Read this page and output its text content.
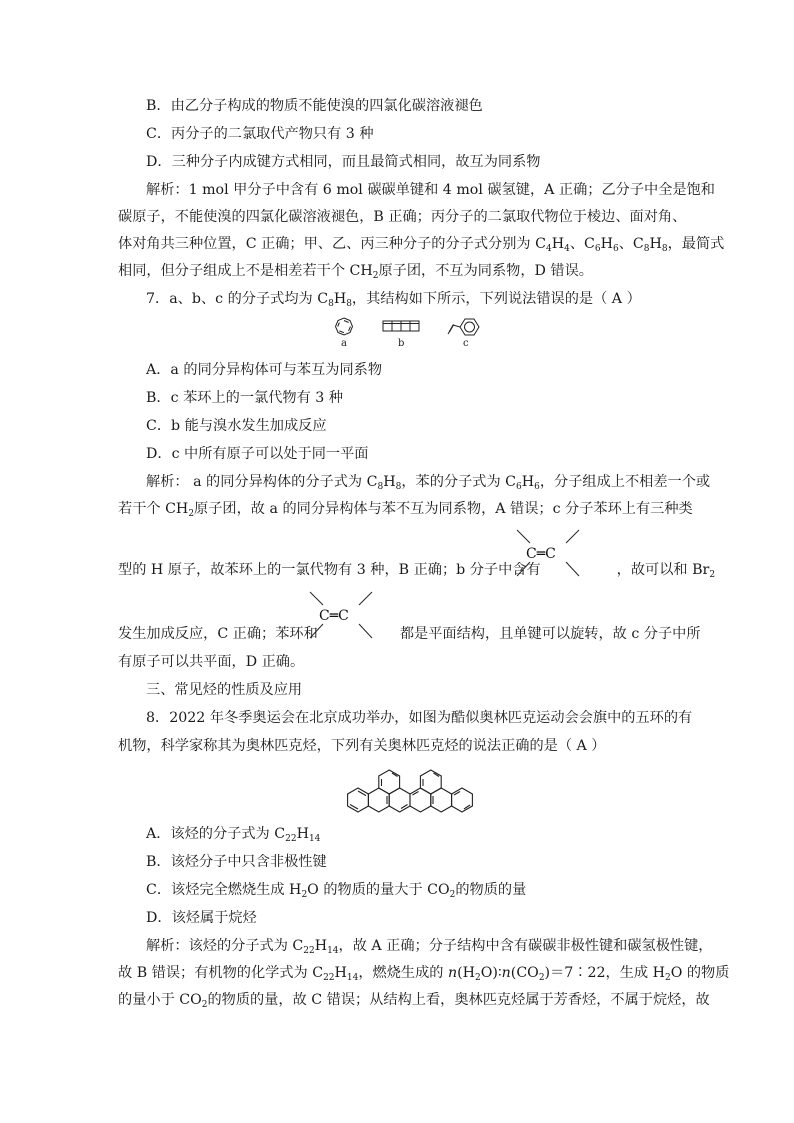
B．由乙分子构成的物质不能使溴的四氯化碳溶液褪色
C．丙分子的二氯取代产物只有 3 种
D．三种分子内成键方式相同，而且最简式相同，故互为同系物
解析：1 mol 甲分子中含有 6 mol 碳碳单键和 4 mol 碳氢键，A 正确；乙分子中全是饱和
碳原子，不能使溴的四氯化碳溶液褪色，B 正确；丙分子的二氯取代物位于棱边、面对角、
体对角共三种位置，C 正确；甲、乙、丙三种分子的分子式分别为 $C_4H_4$、$C_6H_6$、$C_8H_8$，最简式
相同，但分子组成上不是相差若干个 $CH_2$原子团，不互为同系物，D 错误。
7．a、b、c 的分子式均为 $C_8H_8$，其结构如下所示，下列说法错误的是（ A ）
a	b	c
A．a 的同分异构体可与苯互为同系物
B．c 苯环上的一氯代物有 3 种
C．b 能与溴水发生加成反应
D．c 中所有原子可以处于同一平面
解析： a 的同分异构体的分子式为 $C_8H_8$，苯的分子式为 $C_6H_6$，分子组成上不相差一个或
若干个 $CH_2$原子团，故 a 的同分异构体与苯不互为同系物，A 错误；c 分子苯环上有三种类
C═C
型的 H 原子，故苯环上的一氯代物有 3 种，B 正确；b 分子中含有	，故可以和 $Br_2$
C═C
发生加成反应，C 正确；苯环和	都是平面结构，且单键可以旋转，故 c 分子中所
有原子可以共平面，D 正确。
三、常见烃的性质及应用
8．2022 年冬季奥运会在北京成功举办，如图为酷似奥林匹克运动会会旗中的五环的有
机物，科学家称其为奥林匹克烃，下列有关奥林匹克烃的说法正确的是（ A ）
A．该烃的分子式为 $C_{22}H_{14}$
B．该烃分子中只含非极性键
C．该烃完全燃烧生成 $H_2O$ 的物质的量大于 $CO_2$的物质的量
D．该烃属于烷烃
解析：该烃的分子式为 $C_{22}H_{14}$，故 A 正确；分子结构中含有碳碳非极性键和碳氢极性键，
故 B 错误；有机物的化学式为 $C_{22}H_{14}$，燃烧生成的 $n(H_2O)∶n(CO_2)=7∶22$，生成 $H_2O$ 的物质
的量小于 $CO_2$的物质的量，故 C 错误；从结构上看，奥林匹克烃属于芳香烃，不属于烷烃，故
